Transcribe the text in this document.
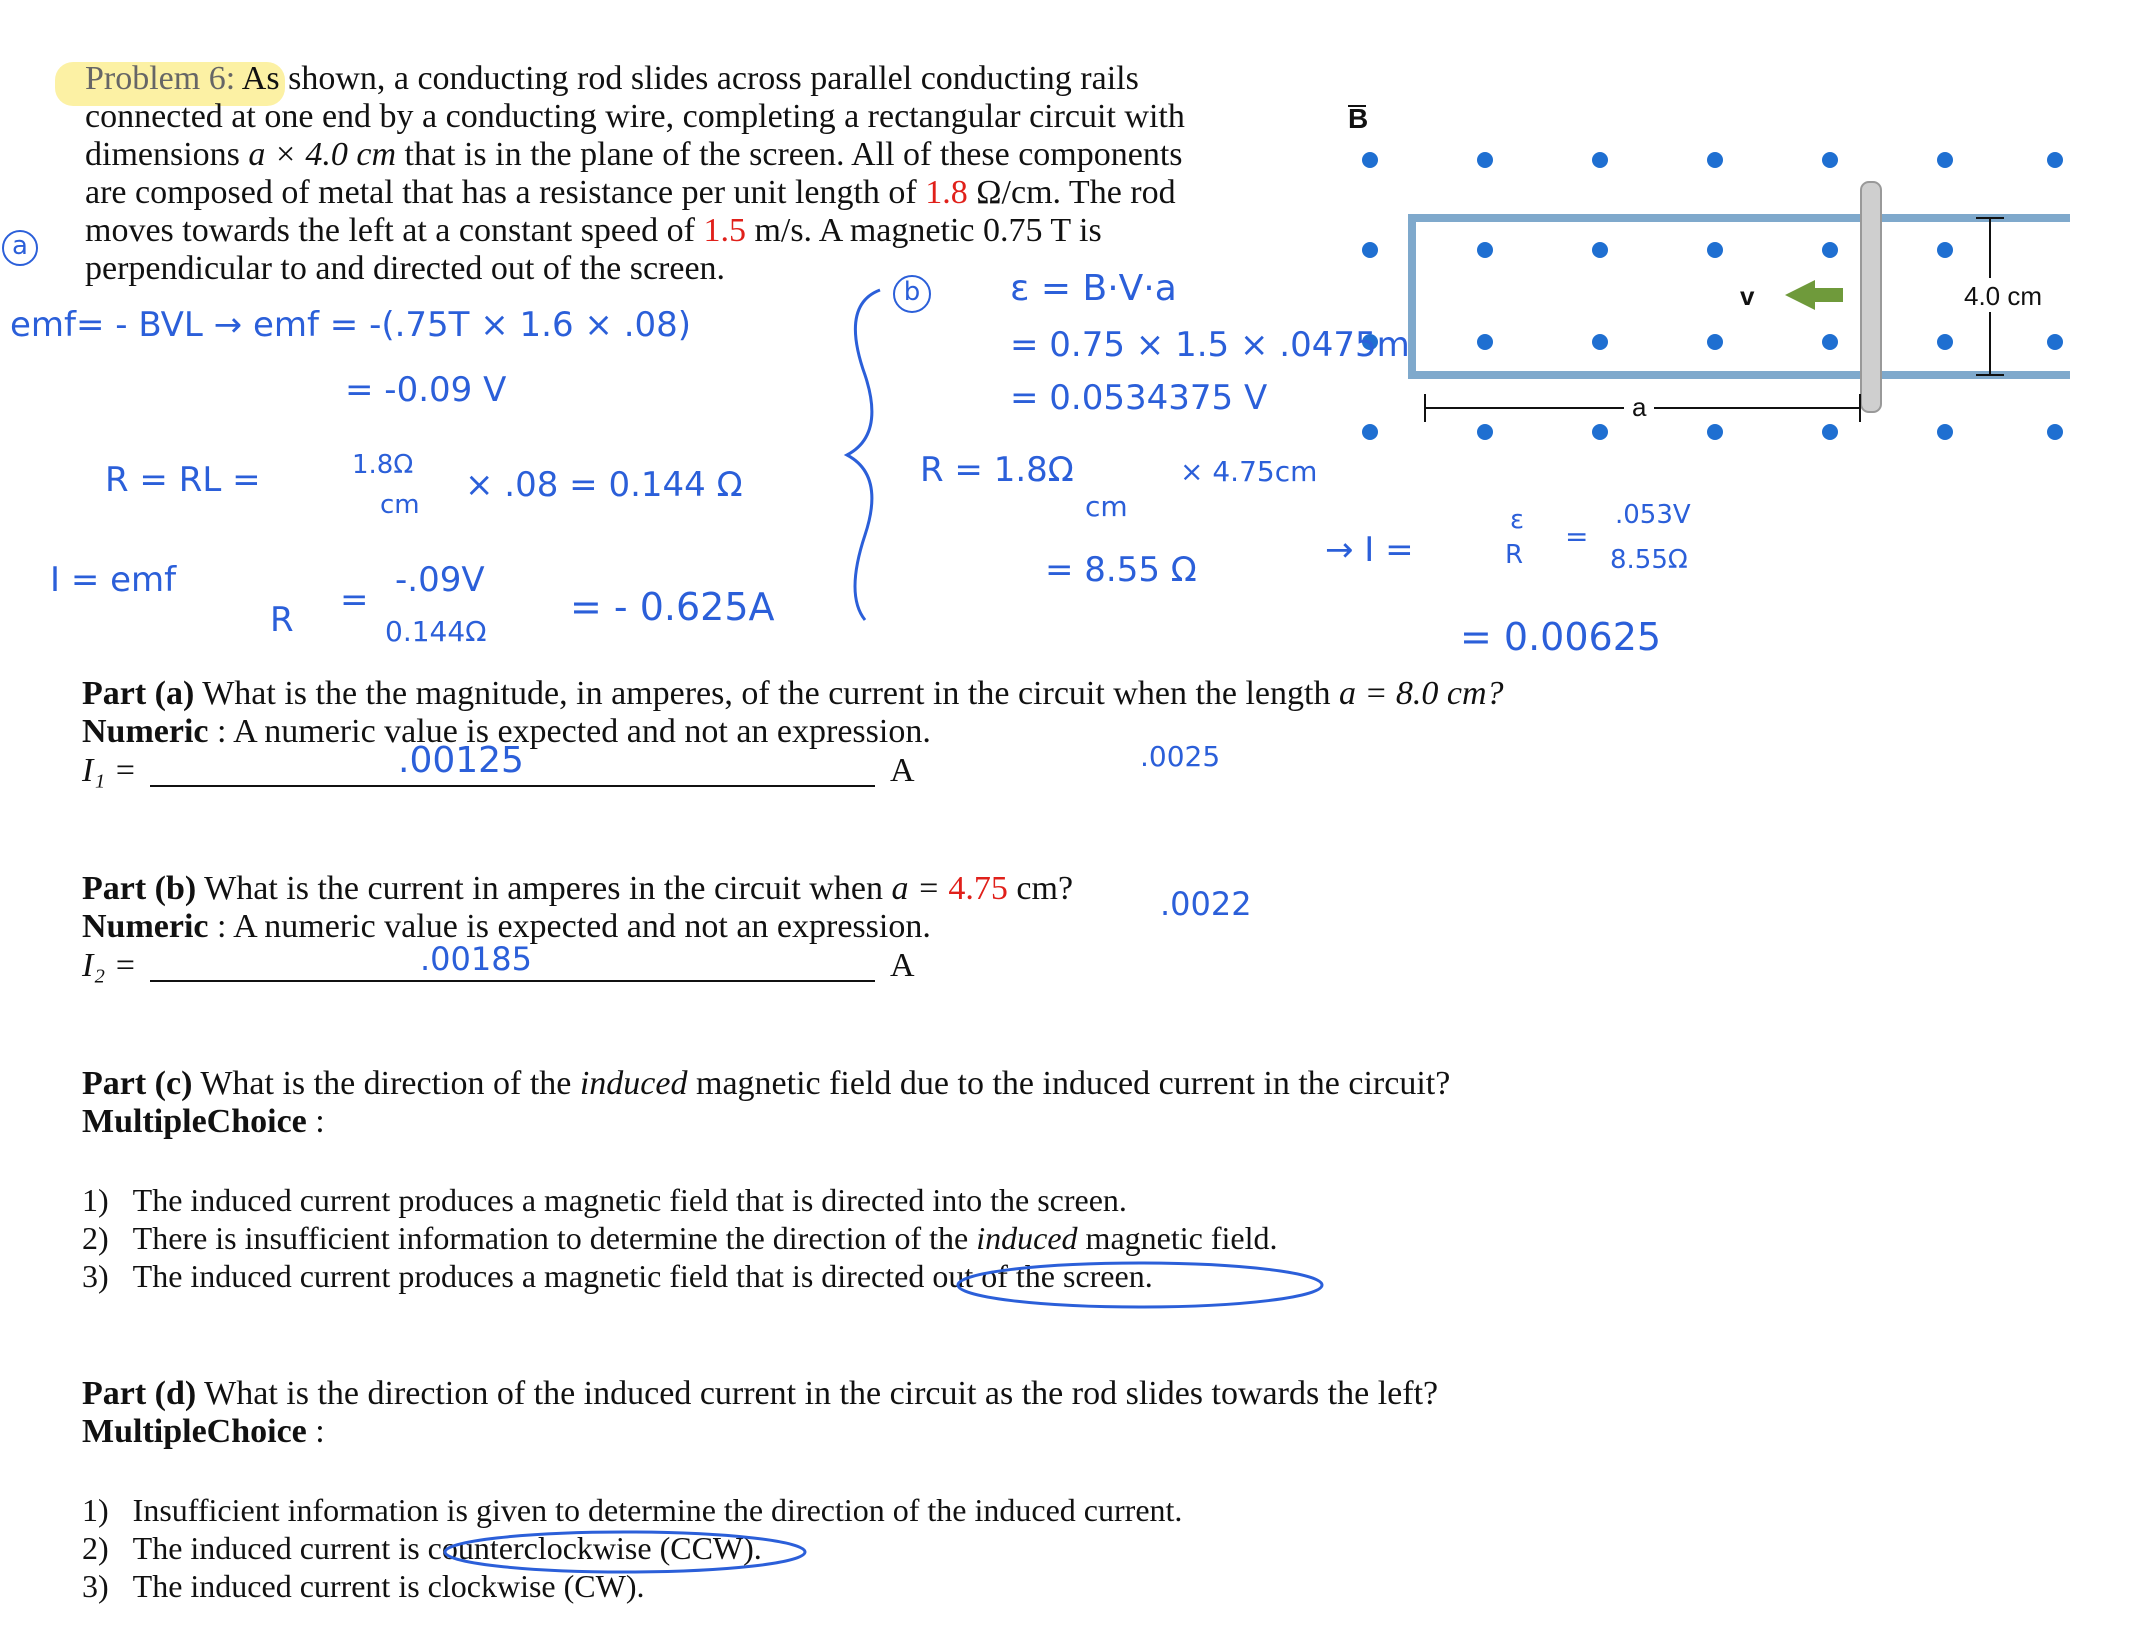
Problem 6: As shown, a conducting rod slides across parallel conducting rails
connected at one end by a conducting wire, completing a rectangular circuit with
dimensions a × 4.0 cm that is in the plane of the screen. All of these components
are composed of metal that has a resistance per unit length of 1.8 Ω/cm. The rod
moves towards the left at a constant speed of 1.5 m/s. A magnetic 0.75 T is
perpendicular to and directed out of the screen.
B
v
a
4.0 cm
a
b
emf= - BVL → emf = -(.75T × 1.6 × .08)
= -0.09 V
R = RL =	1.8Ω
cm × .08 = 0.144 Ω
I = emf
R = -.09V
0.144Ω
= - 0.625A
ε = B·V·a
= 0.75 × 1.5 × .0475m
= 0.0534375 V
R = 1.8Ω
cm
× 4.75cm
= 8.55 Ω	→ I =
ε
R
=
.053V
8.55Ω
= 0.00625
Part (a) What is the the magnitude, in amperes, of the current in the circuit when the length a = 8.0 cm?
Numeric : A numeric value is expected and not an expression.
I₁ =	A
.00125	.0025
Part (b) What is the current in amperes in the circuit when a = 4.75 cm?
Numeric : A numeric value is expected and not an expression.
I₂ =	A
.00185
.0022
Part (c) What is the direction of the induced magnetic field due to the induced current in the circuit?
MultipleChoice :
1) The induced current produces a magnetic field that is directed into the screen.
2) There is insufficient information to determine the direction of the induced magnetic field.
3) The induced current produces a magnetic field that is directed out of the screen.
Part (d) What is the direction of the induced current in the circuit as the rod slides towards the left?
MultipleChoice :
1) Insufficient information is given to determine the direction of the induced current.
2) The induced current is counterclockwise (CCW).
3) The induced current is clockwise (CW).
